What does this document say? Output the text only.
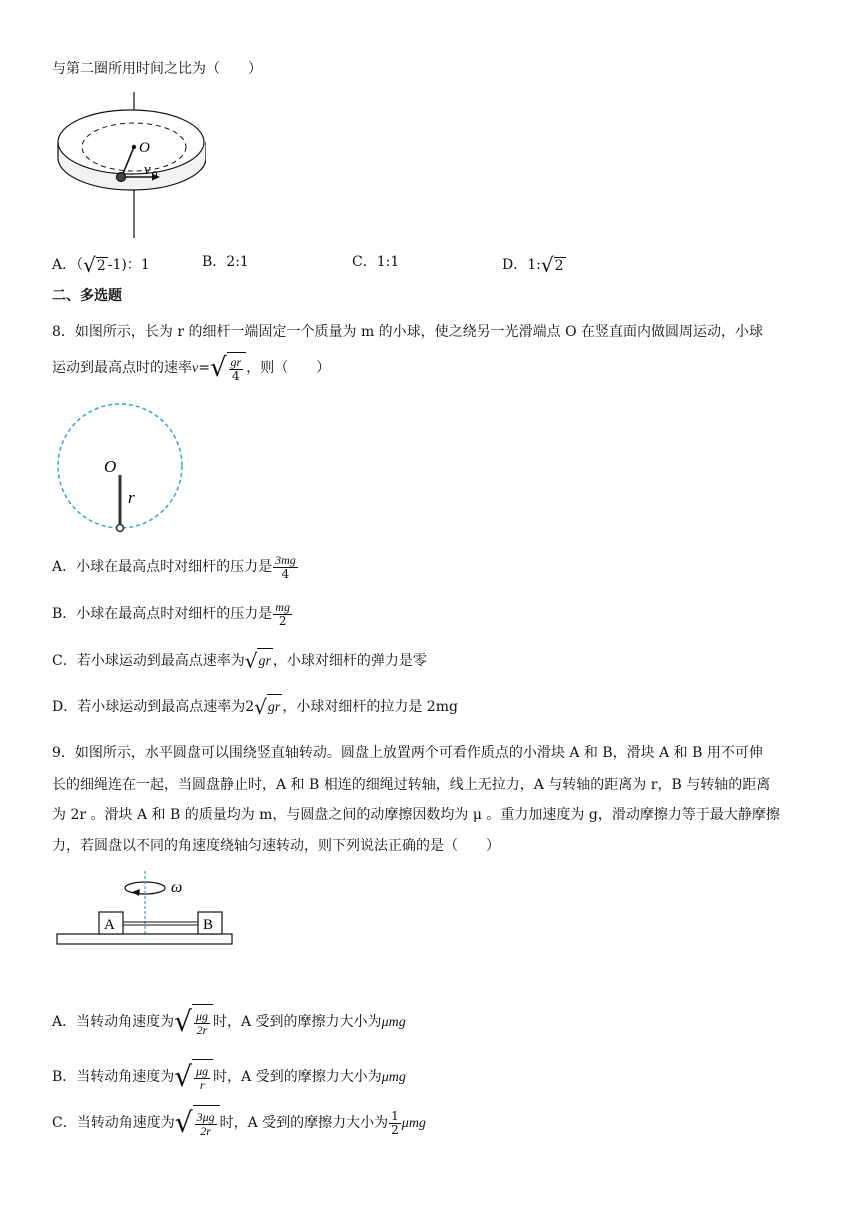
与第二圈所用时间之比为（　　）
O
v 0
A．（√2 -1)：1	B．2:1	C．1:1	D．1:√2
二、多选题
8．如图所示，长为 r 的细杆一端固定一个质量为 m 的小球，使之绕另一光滑端点 O 在竖直面内做圆周运动，小球
运动到最高点时的速率$v=√ \frac{gr}{4}$ ，则（　　）
O
r
A．小球在最高点时对细杆的压力是 $\frac{3mg}{4}$
B．小球在最高点时对细杆的压力是 $\frac{mg}{2}$
C．若小球运动到最高点速率为√gr ，小球对细杆的弹力是零
D．若小球运动到最高点速率为2√gr ，小球对细杆的拉力是 2mg
9．如图所示，水平圆盘可以围绕竖直轴转动。圆盘上放置两个可看作质点的小滑块 A 和 B，滑块 A 和 B 用不可伸
长的细绳连在一起，当圆盘静止时，A 和 B 相连的细绳过转轴，线上无拉力，A 与转轴的距离为 r，B 与转轴的距离
为 2r 。滑块 A 和 B 的质量均为 m，与圆盘之间的动摩擦因数均为 μ 。重力加速度为 g，滑动摩擦力等于最大静摩擦
力，若圆盘以不同的角速度绕轴匀速转动，则下列说法正确的是（　　）
ω
A	B
A．当转动角速度为√ $\frac{\mu g}{2r}$ 时，A 受到的摩擦力大小为μmg
B．当转动角速度为√ $\frac{\mu g}{r}$ 时，A 受到的摩擦力大小为μmg
C．当转动角速度为√ $\frac{3\mu g}{2r}$ 时，A 受到的摩擦力大小为 $\frac{1}{2}$ μmg
